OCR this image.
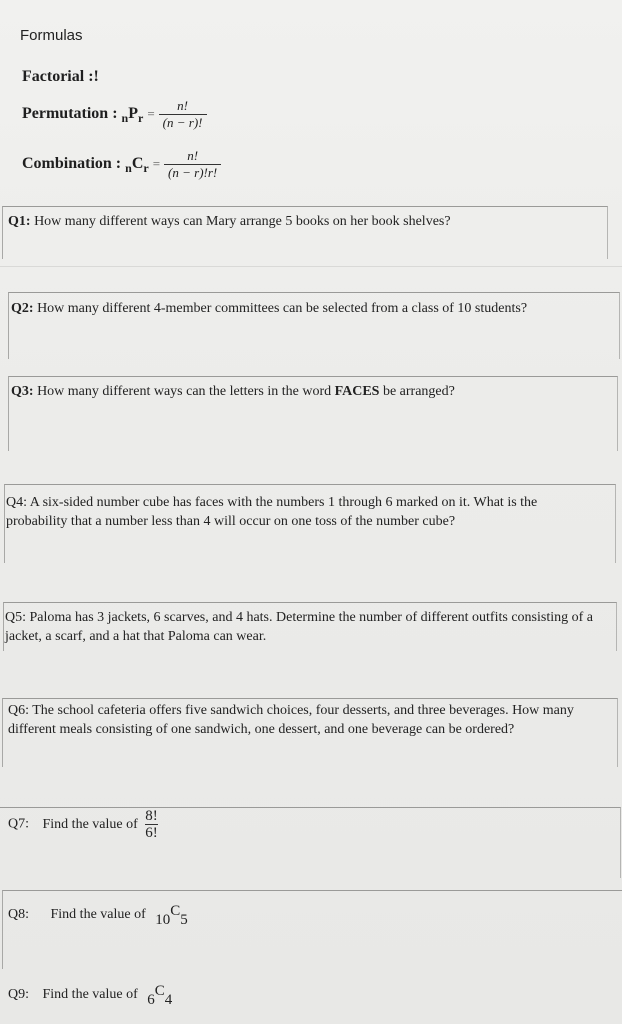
Formulas
Factorial :!
Permutation : $_nP_r = \frac{n!}{(n - r)!}$
Combination : $_nC_r = \frac{n!}{(n - r)!r!}$
Q1: How many different ways can Mary arrange 5 books on her book shelves?
Q2: How many different 4-member committees can be selected from a class of 10 students?
Q3: How many different ways can the letters in the word FACES be arranged?
Q4: A six-sided number cube has faces with the numbers 1 through 6 marked on it. What is the probability that a number less than 4 will occur on one toss of the number cube?
Q5: Paloma has 3 jackets, 6 scarves, and 4 hats. Determine the number of different outfits consisting of a jacket, a scarf, and a hat that Paloma can wear.
Q6: The school cafeteria offers five sandwich choices, four desserts, and three beverages. How many different meals consisting of one sandwich, one dessert, and one beverage can be ordered?
Q7: Find the value of $\frac{8!}{6!}$
Q8: Find the value of 10C5
Q9: Find the value of 6C4
